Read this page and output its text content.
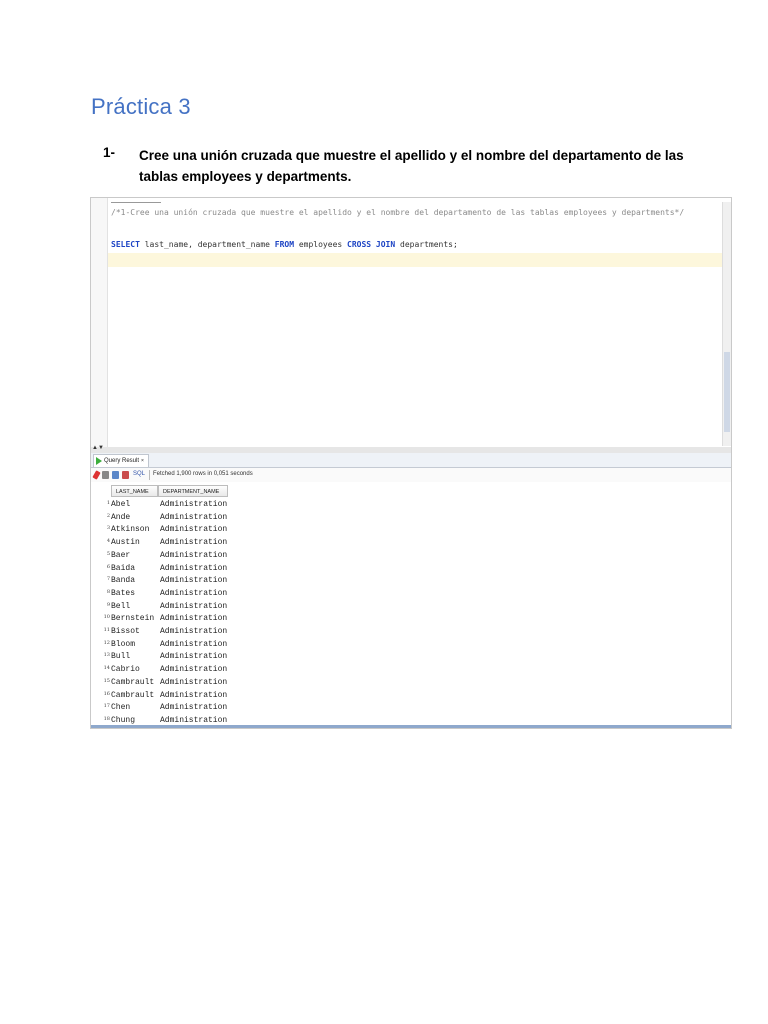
Práctica 3
1- Cree una unión cruzada que muestre el apellido y el nombre del departamento de las tablas employees y departments.
/*1-Cree una unión cruzada que muestre el apellido y el nombre del departamento de las tablas employees y departments*/
SELECT last_name, department_name FROM employees CROSS JOIN departments;
▲▼
Query Result ×
SQL Fetched 1,900 rows in 0,051 seconds
LAST_NAME	DEPARTMENT_NAME
1 Abel	Administration
2 Ande	Administration
3 Atkinson Administration
4 Austin	Administration
5 Baer	Administration
6 Baida	Administration
7 Banda	Administration
8 Bates	Administration
9 Bell	Administration
10 Bernstein Administration
11 Bissot	Administration
12 Bloom	Administration
13 Bull	Administration
14 Cabrio	Administration
15 Cambrault Administration
16 Cambrault Administration
17 Chen	Administration
18 Chung	Administration
